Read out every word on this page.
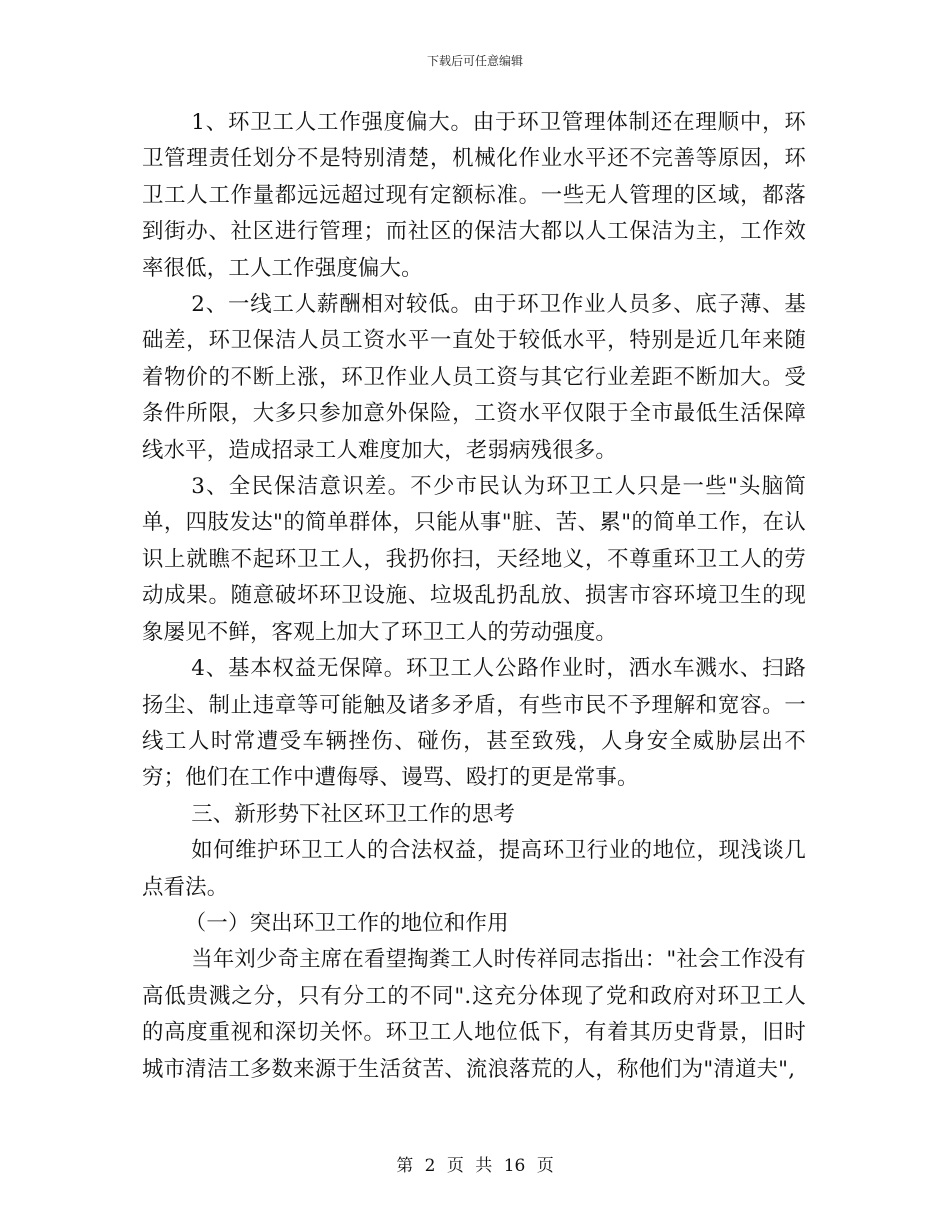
下载后可任意编辑

1、环卫工人工作强度偏大。由于环卫管理体制还在理顺中，环卫管理责任划分不是特别清楚，机械化作业水平还不完善等原因，环卫工人工作量都远远超过现有定额标准。一些无人管理的区域，都落到街办、社区进行管理；而社区的保洁大都以人工保洁为主，工作效率很低，工人工作强度偏大。

2、一线工人薪酬相对较低。由于环卫作业人员多、底子薄、基础差，环卫保洁人员工资水平一直处于较低水平，特别是近几年来随着物价的不断上涨，环卫作业人员工资与其它行业差距不断加大。受条件所限，大多只参加意外保险，工资水平仅限于全市最低生活保障线水平，造成招录工人难度加大，老弱病残很多。

3、全民保洁意识差。不少市民认为环卫工人只是一些"头脑简单，四肢发达"的简单群体，只能从事"脏、苦、累"的简单工作，在认识上就瞧不起环卫工人，我扔你扫，天经地义，不尊重环卫工人的劳动成果。随意破坏环卫设施、垃圾乱扔乱放、损害市容环境卫生的现象屡见不鲜，客观上加大了环卫工人的劳动强度。

4、基本权益无保障。环卫工人公路作业时，洒水车溅水、扫路扬尘、制止违章等可能触及诸多矛盾，有些市民不予理解和宽容。一线工人时常遭受车辆挫伤、碰伤，甚至致残，人身安全威胁层出不穷；他们在工作中遭侮辱、谩骂、殴打的更是常事。

三、新形势下社区环卫工作的思考

如何维护环卫工人的合法权益，提高环卫行业的地位，现浅谈几点看法。

（一）突出环卫工作的地位和作用

当年刘少奇主席在看望掏粪工人时传祥同志指出："社会工作没有高低贵溅之分，只有分工的不同".这充分体现了党和政府对环卫工人的高度重视和深切关怀。环卫工人地位低下，有着其历史背景，旧时城市清洁工多数来源于生活贫苦、流浪落荒的人，称他们为"清道夫",

第 2 页 共 16 页
